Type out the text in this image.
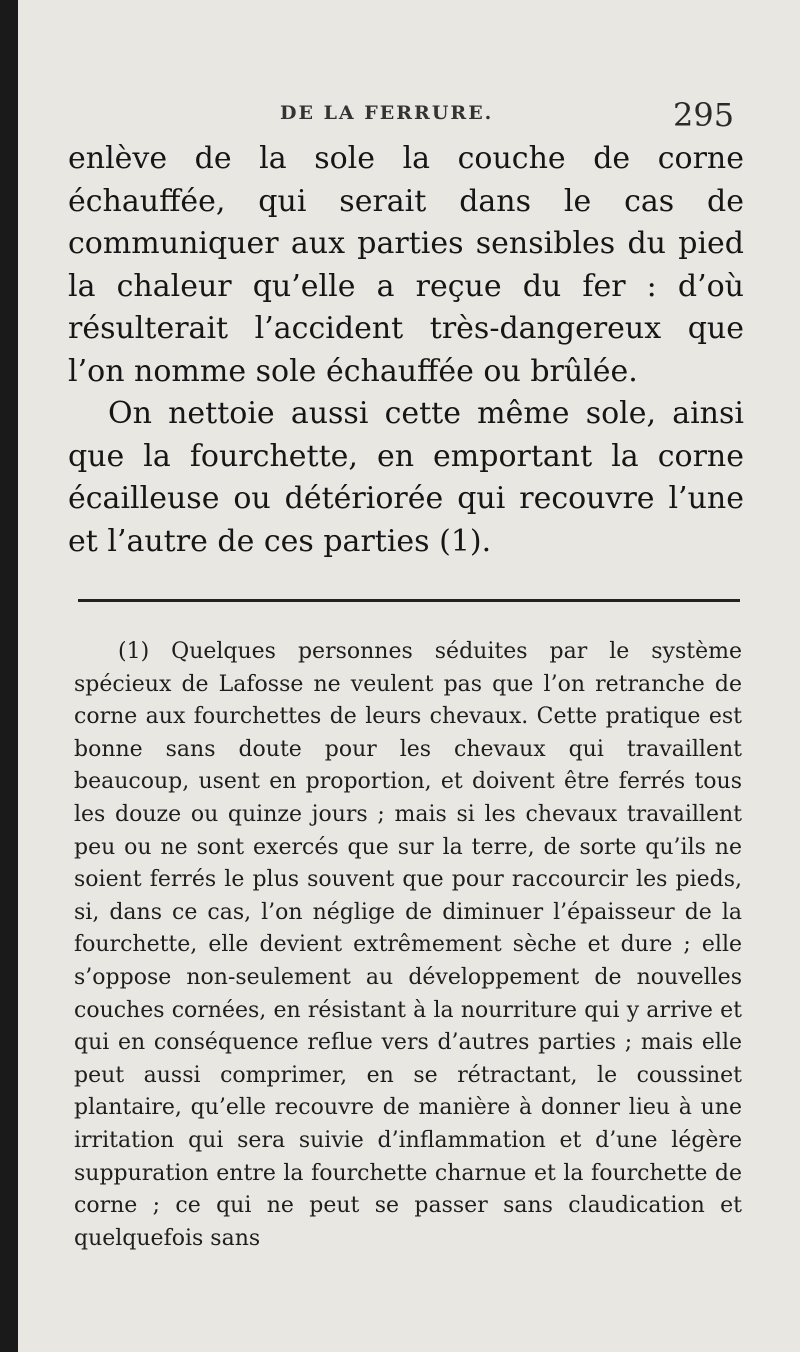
DE LA FERRURE.	295

enlève de la sole la couche de corne échauffée, qui serait dans le cas de communiquer aux parties sensibles du pied la chaleur qu’elle a reçue du fer : d’où résulterait l’accident très-dangereux que l’on nomme sole échauffée ou brûlée.

On nettoie aussi cette même sole, ainsi que la fourchette, en emportant la corne écailleuse ou détériorée qui recouvre l’une et l’autre de ces parties (1).

(1) Quelques personnes séduites par le système spécieux de Lafosse ne veulent pas que l’on retranche de corne aux fourchettes de leurs chevaux. Cette pratique est bonne sans doute pour les chevaux qui travaillent beaucoup, usent en proportion, et doivent être ferrés tous les douze ou quinze jours ; mais si les chevaux travaillent peu ou ne sont exercés que sur la terre, de sorte qu’ils ne soient ferrés le plus souvent que pour raccourcir les pieds, si, dans ce cas, l’on néglige de diminuer l’épaisseur de la fourchette, elle devient extrêmement sèche et dure ; elle s’oppose non-seulement au développement de nouvelles couches cornées, en résistant à la nourriture qui y arrive et qui en conséquence reflue vers d’autres parties ; mais elle peut aussi comprimer, en se rétractant, le coussinet plantaire, qu’elle recouvre de manière à donner lieu à une irritation qui sera suivie d’inflammation et d’une légère suppuration entre la fourchette charnue et la fourchette de corne ; ce qui ne peut se passer sans claudication et quelquefois sans
